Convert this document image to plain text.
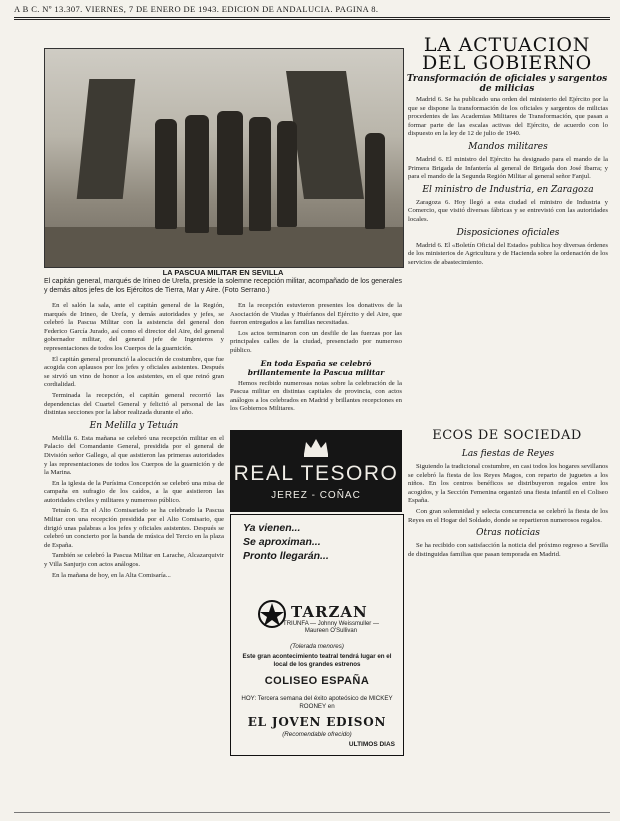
A B C. Nº 13.307. VIERNES, 7 DE ENERO DE 1943. EDICION DE ANDALUCIA. PAGINA 8.
LA PASCUA MILITAR EN SEVILLA
El capitán general, marqués de Irineo de Urefa, preside la solemne recepción militar, acompañado de los generales y demás altos jefes de los Ejércitos de Tierra, Mar y Aire. (Foto Serrano.)

En el salón la sala, ante el capitán general de la Región, marqués de Irineo, de Urefa, y demás autoridades y jefes, se celebró la Pascua Militar con la asistencia del general don Federico García Jurado, así como el director del Aire, del general gobernador militar, del general jefe de Ingenieros y representaciones de todos los Cuerpos de la guarnición.

El capitán general pronunció la alocución de costumbre, que fue acogida con aplausos por los jefes y oficiales asistentes. Después se sirvió un vino de honor a los asistentes, en el que reinó gran cordialidad.

Terminada la recepción, el capitán general recorrió las dependencias del Cuartel General y felicitó al personal de las distintas secciones por la labor realizada durante el año.

En Melilla y Tetuán

Melilla 6. Esta mañana se celebró una recepción militar en el Palacio del Comandante General, presidida por el general de División señor Gallego, al que asistieron las primeras autoridades y las representaciones de todos los Cuerpos de la guarnición y de la Marina.

En la iglesia de la Purísima Concepción se celebró una misa de campaña en sufragio de los caídos, a la que asistieron las autoridades civiles y militares y numeroso público.

Tetuán 6. En el Alto Comisariado se ha celebrado la Pascua Militar con una recepción presidida por el Alto Comisario, que dirigió unas palabras a los jefes y oficiales asistentes. Después se celebró un concierto por la banda de música del Tercio en la plaza de España.

También se celebró la Pascua Militar en Larache, Alcazarquivir y Villa Sanjurjo con actos análogos.

En la mañana de hoy, en la Alta Comisaría...

En la recepción estuvieron presentes los donativos de la Asociación de Viudas y Huérfanos del Ejército y del Aire, que fueron entregados a las familias necesitadas.

Los actos terminaron con un desfile de las fuerzas por las principales calles de la ciudad, presenciado por numeroso público.

En toda España se celebró brillantemente la Pascua militar

Hemos recibido numerosas notas sobre la celebración de la Pascua militar en distintas capitales de provincia, con actos análogos a los celebrados en Madrid y brillantes recepciones en los Gobiernos Militares.

REAL TESORO
JEREZ - COÑAC
Ya vienen...
Se aproximan...
Pronto llegarán...
TARZAN
TRIUNFA — Johnny Weissmuller — Maureen O'Sullivan
(Tolerada menores)
Este gran acontecimiento teatral tendrá lugar en el local de los grandes estrenos
COLISEO ESPAÑA
HOY: Tercera semana del éxito apoteósico de MICKEY ROONEY en
EL JOVEN EDISON
(Recomendable ofrecido)
ULTIMOS DIAS
LA ACTUACION DEL GOBIERNO
Transformación de oficiales y sargentos de milicias

Madrid 6. Se ha publicado una orden del ministerio del Ejército por la que se dispone la transformación de los oficiales y sargentos de milicias procedentes de las Academias Militares de Transformación, que pasan a formar parte de las escalas activas del Ejército, de acuerdo con lo dispuesto en la ley de 12 de julio de 1940.

Mandos militares

Madrid 6. El ministro del Ejército ha designado para el mando de la Primera Brigada de Infantería al general de Brigada don José Ibarra; y para el mando de la Segunda Región Militar al general señor Fanjul.

El ministro de Industria, en Zaragoza

Zaragoza 6. Hoy llegó a esta ciudad el ministro de Industria y Comercio, que visitó diversas fábricas y se entrevistó con las autoridades locales.

Disposiciones oficiales

Madrid 6. El «Boletín Oficial del Estado» publica hoy diversas órdenes de los ministerios de Agricultura y de Hacienda sobre la ordenación de los servicios de abastecimiento.

ECOS DE SOCIEDAD
Las fiestas de Reyes

Siguiendo la tradicional costumbre, en casi todos los hogares sevillanos se celebró la fiesta de los Reyes Magos, con reparto de juguetes a los niños. En los centros benéficos se distribuyeron regalos entre los acogidos, y la Sección Femenina organizó una fiesta infantil en el Coliseo España.

Con gran solemnidad y selecta concurrencia se celebró la fiesta de los Reyes en el Hogar del Soldado, donde se repartieron numerosos regalos.

Otras noticias

Se ha recibido con satisfacción la noticia del próximo regreso a Sevilla de distinguidas familias que pasan temporada en Madrid.
